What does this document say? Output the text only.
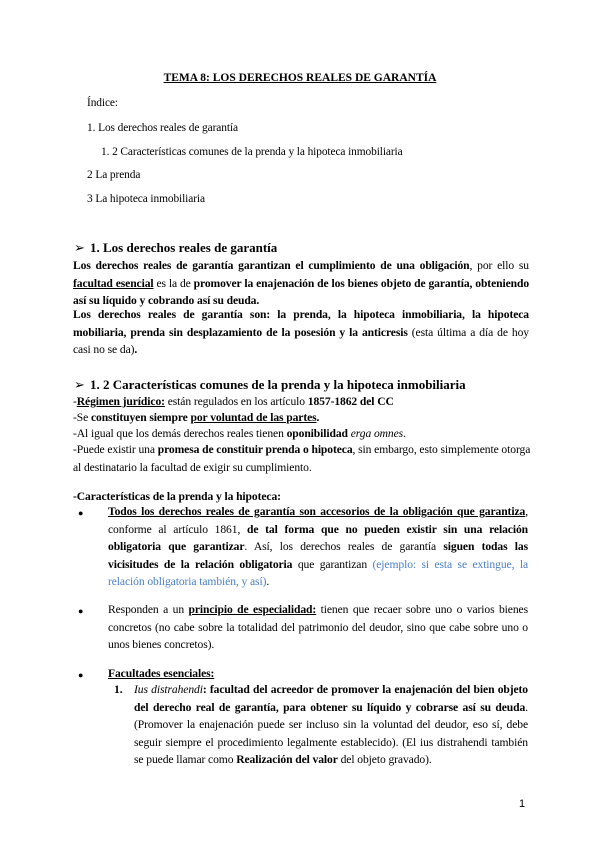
TEMA 8: LOS DERECHOS REALES DE GARANTÍA
Índice:
1. Los derechos reales de garantía
1. 2 Características comunes de la prenda y la hipoteca inmobiliaria
2 La prenda
3 La hipoteca inmobiliaria
➢ 1. Los derechos reales de garantía
Los derechos reales de garantía garantizan el cumplimiento de una obligación, por ello su facultad esencial es la de promover la enajenación de los bienes objeto de garantía, obteniendo así su líquido y cobrando así su deuda.
Los derechos reales de garantía son: la prenda, la hipoteca inmobiliaria, la hipoteca mobiliaria, prenda sin desplazamiento de la posesión y la anticresis (esta última a día de hoy casi no se da).
➢ 1. 2 Características comunes de la prenda y la hipoteca inmobiliaria
-Régimen jurídico: están regulados en los artículo 1857-1862 del CC
-Se constituyen siempre por voluntad de las partes.
-Al igual que los demás derechos reales tienen oponibilidad erga omnes.
-Puede existir una promesa de constituir prenda o hipoteca, sin embargo, esto simplemente otorga al destinatario la facultad de exigir su cumplimiento.
-Características de la prenda y la hipoteca:
● Todos los derechos reales de garantía son accesorios de la obligación que garantiza, conforme al artículo 1861, de tal forma que no pueden existir sin una relación obligatoria que garantizar. Así, los derechos reales de garantía siguen todas las vicisitudes de la relación obligatoria que garantizan (ejemplo: si esta se extingue, la relación obligatoria también, y así).
● Responden a un principio de especialidad: tienen que recaer sobre uno o varios bienes concretos (no cabe sobre la totalidad del patrimonio del deudor, sino que cabe sobre uno o unos bienes concretos).
● Facultades esenciales:
1. Ius distrahendi: facultad del acreedor de promover la enajenación del bien objeto del derecho real de garantía, para obtener su líquido y cobrarse así su deuda. (Promover la enajenación puede ser incluso sin la voluntad del deudor, eso sí, debe seguir siempre el procedimiento legalmente establecido). (El ius distrahendi también se puede llamar como Realización del valor del objeto gravado).
1
